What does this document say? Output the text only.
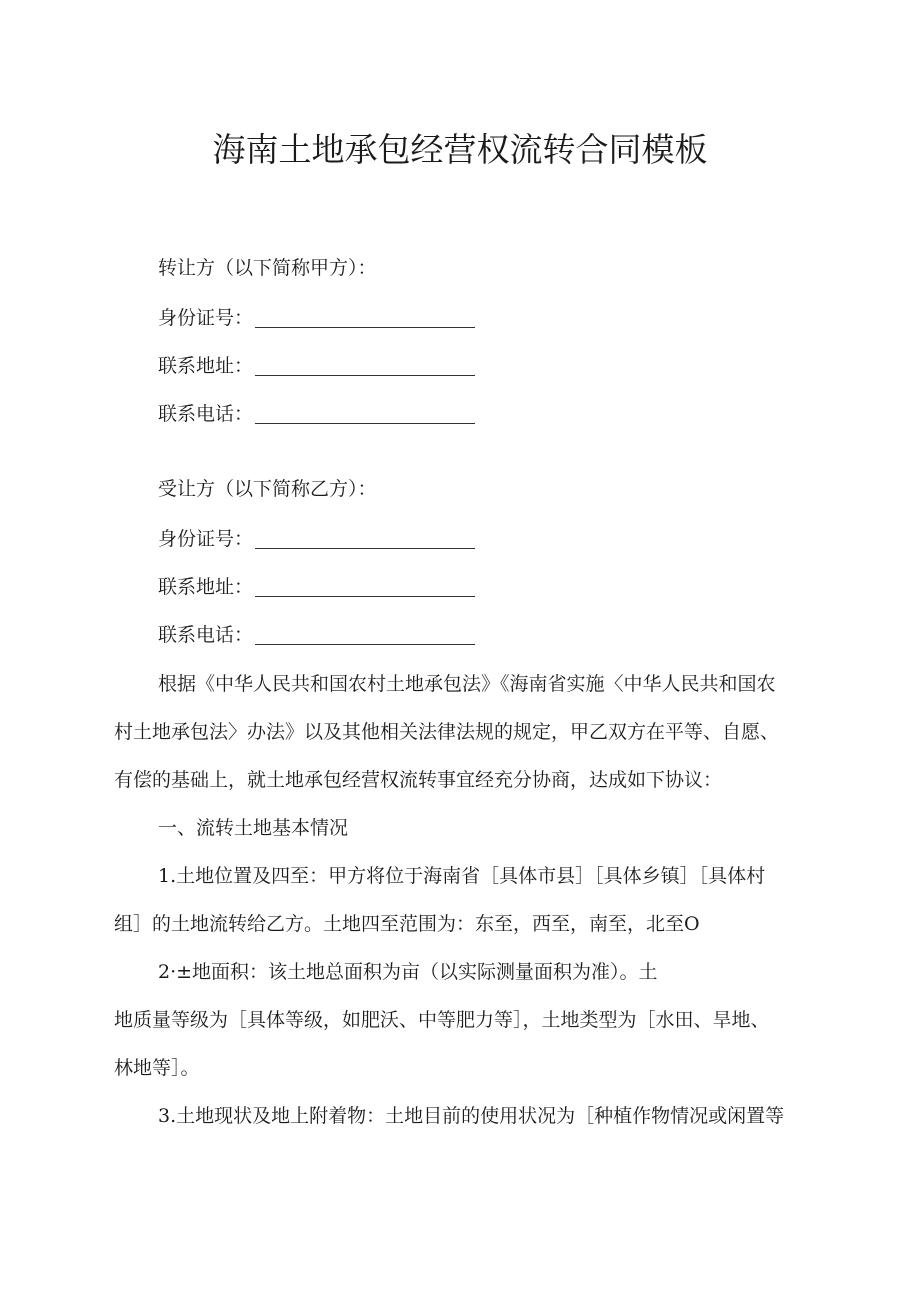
海南土地承包经营权流转合同模板
转让方（以下简称甲方）：
身份证号：
联系地址：
联系电话：
受让方（以下简称乙方）：
身份证号：
联系地址：
联系电话：
根据《中华人民共和国农村土地承包法》《海南省实施〈中华人民共和国农
村土地承包法〉办法》以及其他相关法律法规的规定，甲乙双方在平等、自愿、
有偿的基础上，就土地承包经营权流转事宜经充分协商，达成如下协议：
一、流转土地基本情况
1.土地位置及四至：甲方将位于海南省［具体市县］［具体乡镇］［具体村
组］的土地流转给乙方。土地四至范围为：东至，西至，南至，北至O
2·±地面积：该土地总面积为亩（以实际测量面积为准）。土
地质量等级为［具体等级，如肥沃、中等肥力等］，土地类型为［水田、旱地、
林地等］。
3.土地现状及地上附着物：土地目前的使用状况为［种植作物情况或闲置等
